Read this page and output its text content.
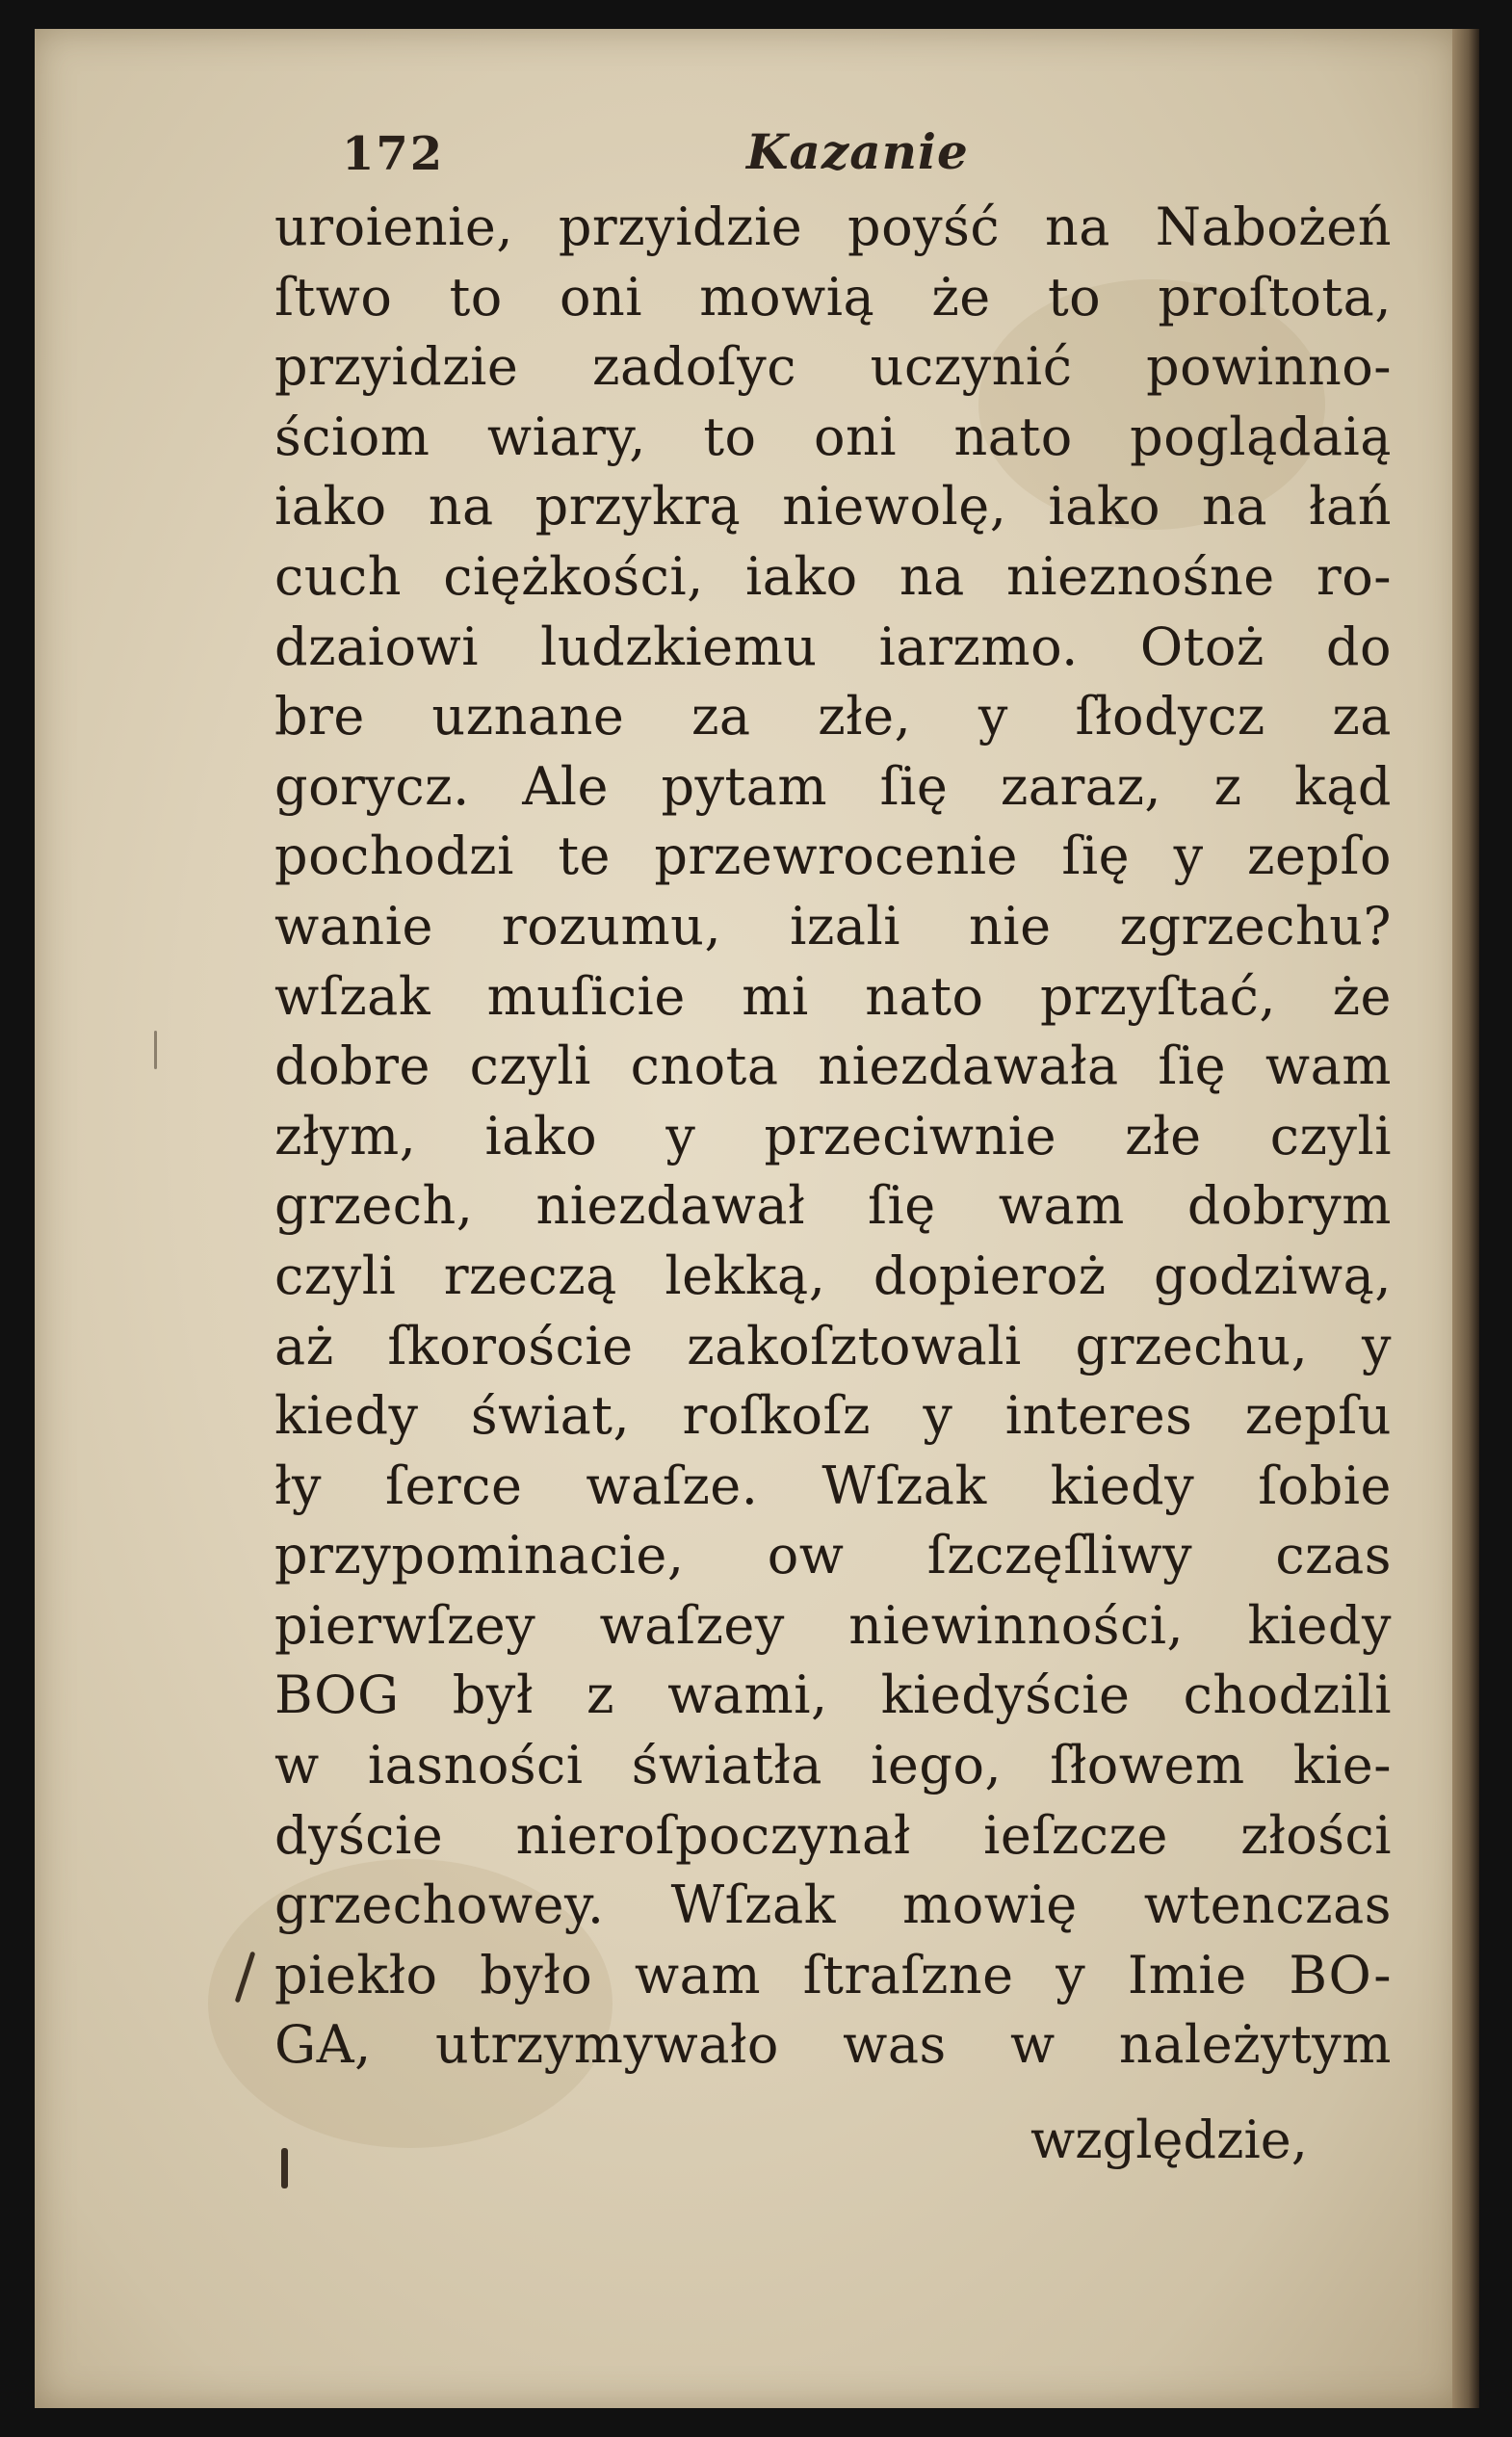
172	Kazanie
uroienie, przyidzie poyść na Nabożeń
ſtwo to oni mowią że to proſtota,
przyidzie zadoſyc uczynić powinno-
ściom wiary, to oni nato poglądaią
iako na przykrą niewolę, iako na łań
cuch ciężkości, iako na nieznośne ro-
dzaiowi ludzkiemu iarzmo. Otoż do
bre uznane za złe, y ſłodycz za
gorycz. Ale pytam ſię zaraz, z kąd
pochodzi te przewrocenie ſię y zepſo
wanie rozumu, izali nie zgrzechu?
wſzak muſicie mi nato przyſtać, że
dobre czyli cnota niezdawała ſię wam
złym, iako y przeciwnie złe czyli
grzech, niezdawał ſię wam dobrym
czyli rzeczą lekką, dopieroż godziwą,
aż ſkoroście zakoſztowali grzechu, y
kiedy świat, roſkoſz y interes zepſu
ły ſerce waſze. Wſzak kiedy ſobie
przypominacie, ow ſzczęſliwy czas
pierwſzey waſzey niewinności, kiedy
BOG był z wami, kiedyście chodzili
w iasności światła iego, ſłowem kie-
dyście nieroſpoczynał ieſzcze złości
grzechowey. Wſzak mowię wtenczas
piekło było wam ſtraſzne y Imie BO-
GA, utrzymywało was w należytym
względzie,
